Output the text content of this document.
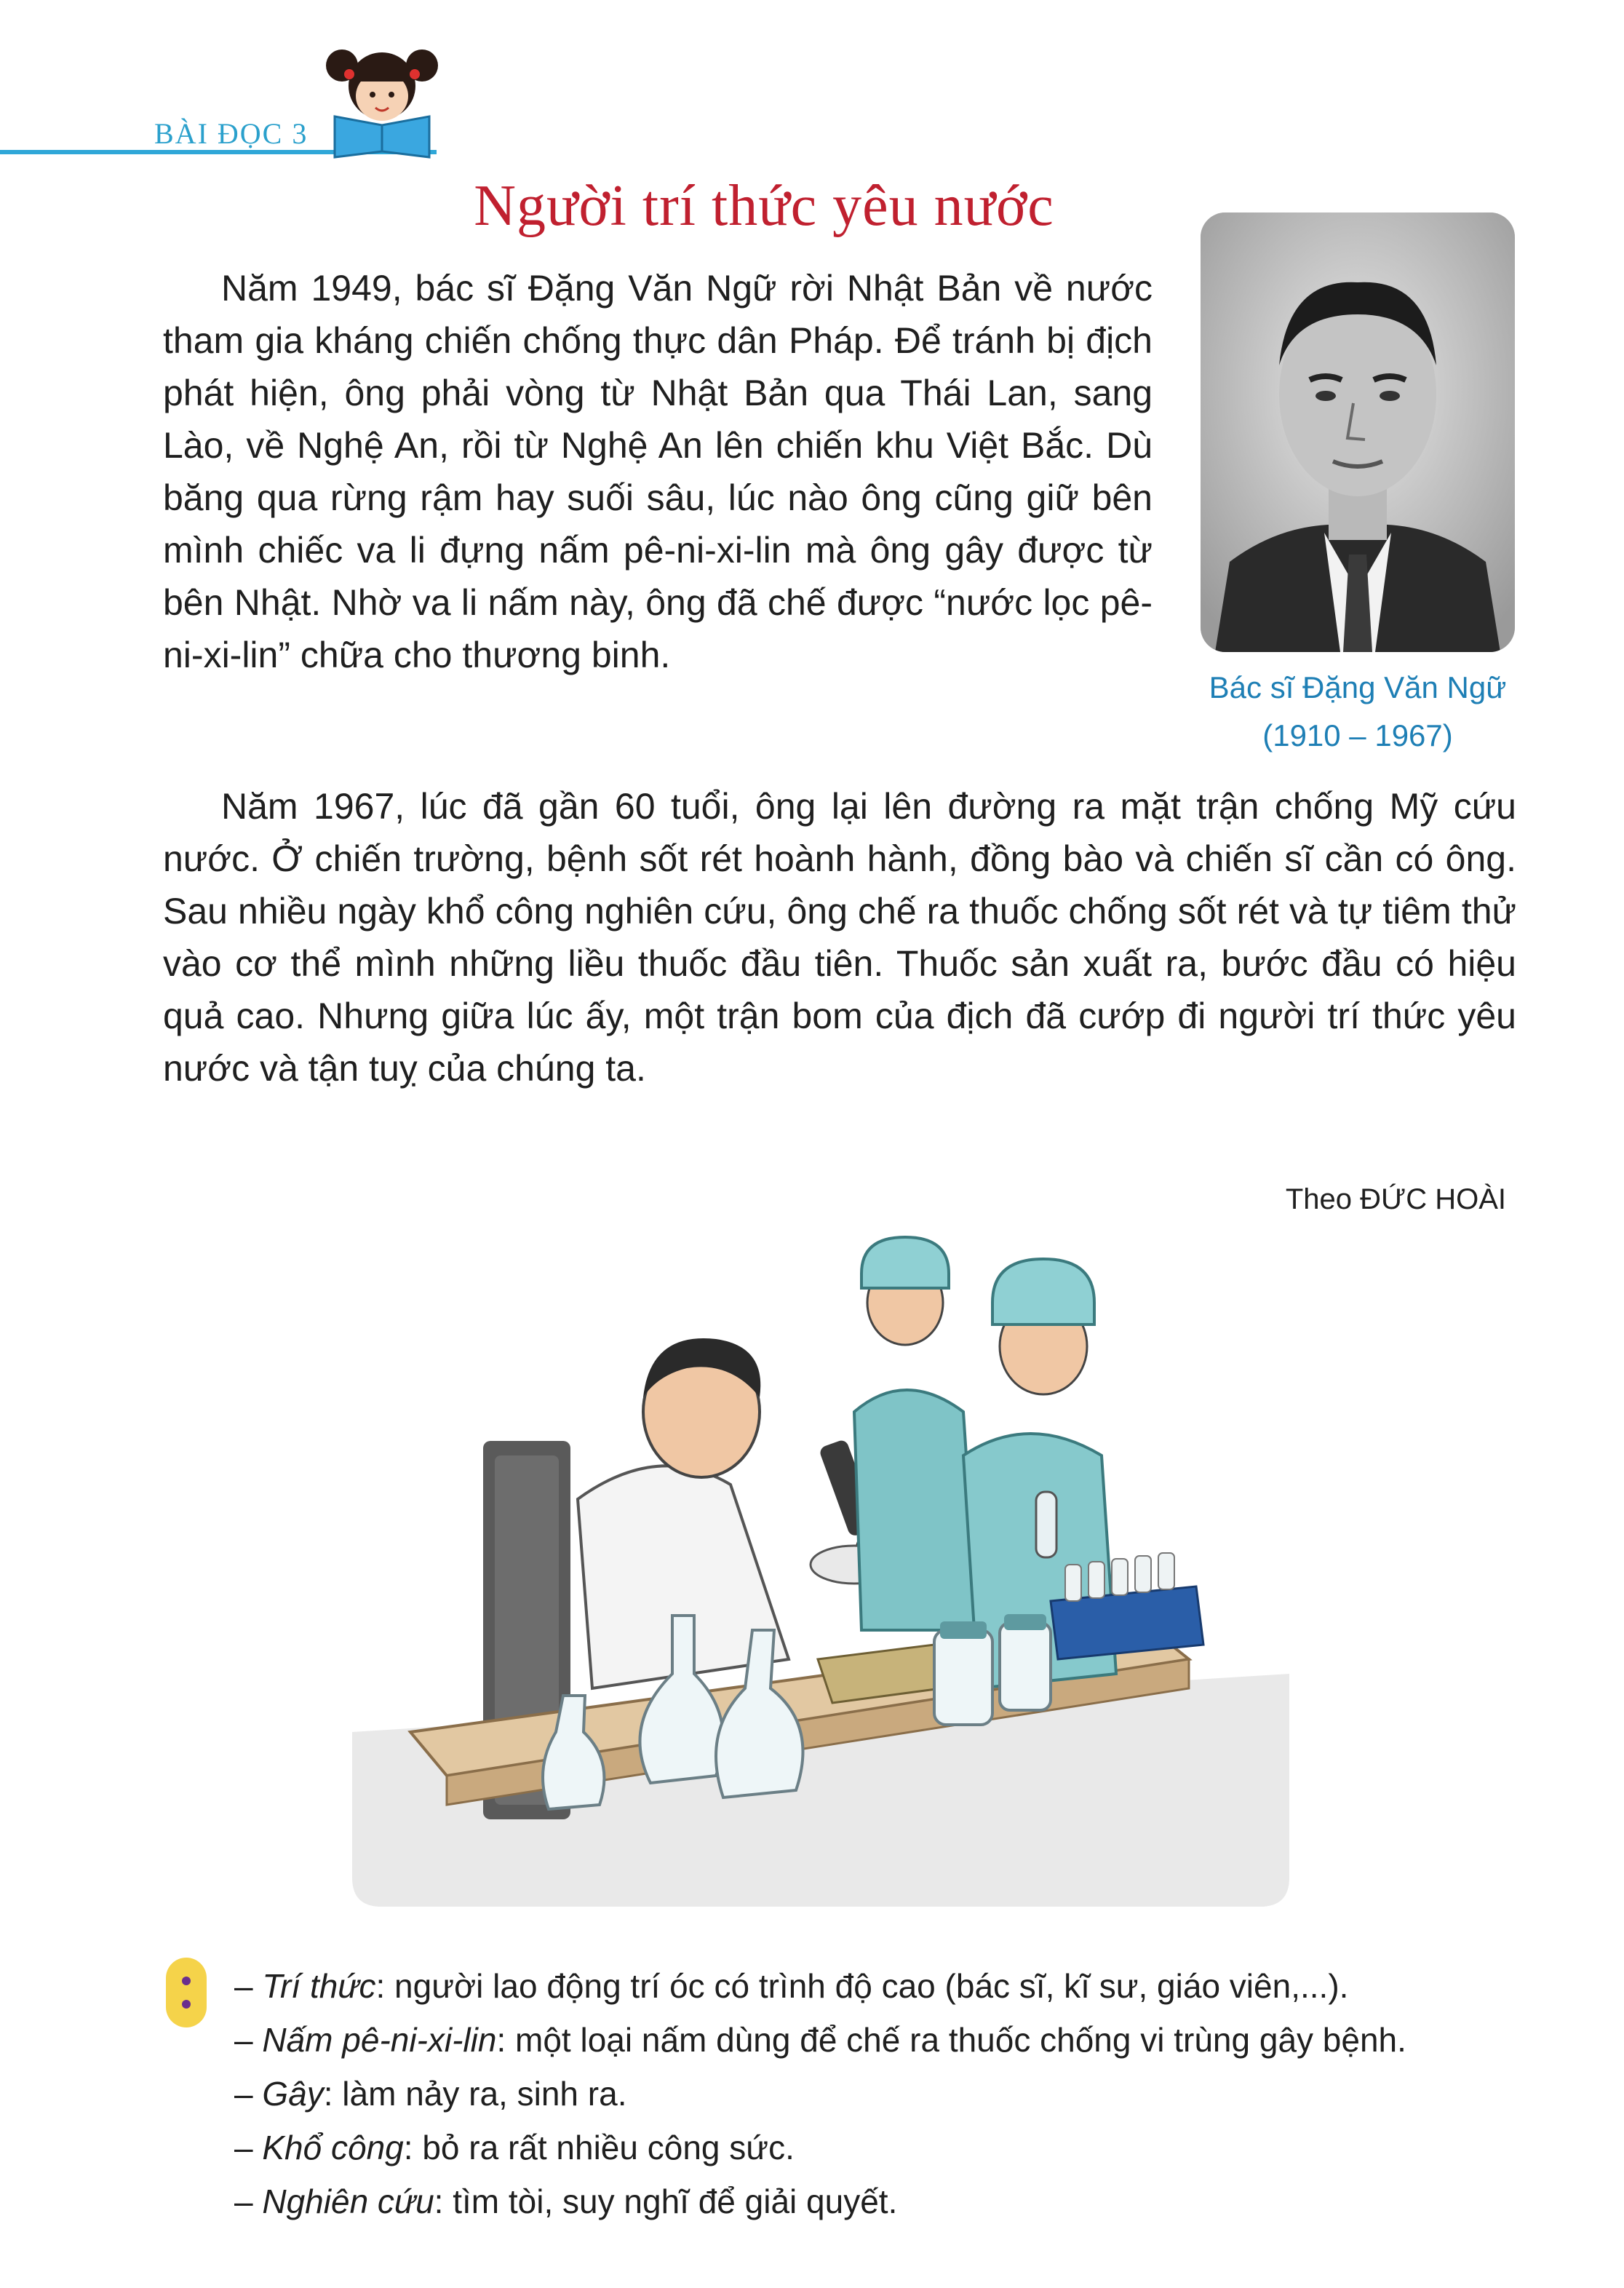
BÀI ĐỌC 3
Người trí thức yêu nước

Năm 1949, bác sĩ Đặng Văn Ngữ rời Nhật Bản về nước tham gia kháng chiến chống thực dân Pháp. Để tránh bị địch phát hiện, ông phải vòng từ Nhật Bản qua Thái Lan, sang Lào, về Nghệ An, rồi từ Nghệ An lên chiến khu Việt Bắc. Dù băng qua rừng rậm hay suối sâu, lúc nào ông cũng giữ bên mình chiếc va li đựng nấm pê-ni-xi-lin mà ông gây được từ bên Nhật. Nhờ va li nấm này, ông đã chế được “nước lọc pê-ni-xi-lin” chữa cho thương binh.

Năm 1967, lúc đã gần 60 tuổi, ông lại lên đường ra mặt trận chống Mỹ cứu nước. Ở chiến trường, bệnh sốt rét hoành hành, đồng bào và chiến sĩ cần có ông. Sau nhiều ngày khổ công nghiên cứu, ông chế ra thuốc chống sốt rét và tự tiêm thử vào cơ thể mình những liều thuốc đầu tiên. Thuốc sản xuất ra, bước đầu có hiệu quả cao. Nhưng giữa lúc ấy, một trận bom của địch đã cướp đi người trí thức yêu nước và tận tuỵ của chúng ta.

Bác sĩ Đặng Văn Ngữ
(1910 – 1967)
Theo ĐỨC HOÀI
– Trí thức: người lao động trí óc có trình độ cao (bác sĩ, kĩ sư, giáo viên,...).
– Nấm pê-ni-xi-lin: một loại nấm dùng để chế ra thuốc chống vi trùng gây bệnh.
– Gây: làm nảy ra, sinh ra.
– Khổ công: bỏ ra rất nhiều công sức.
– Nghiên cứu: tìm tòi, suy nghĩ để giải quyết.
